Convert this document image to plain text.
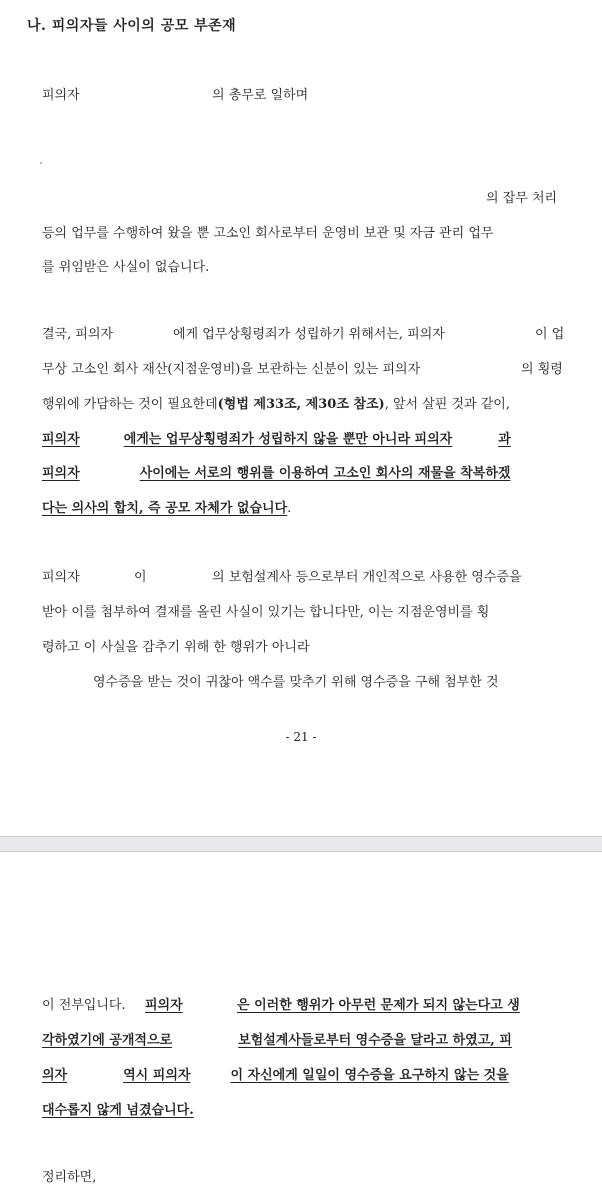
나. 피의자들 사이의 공모 부존재
피의자	의 총무로 일하며
의 잡무 처리
등의 업무를 수행하여 왔을 뿐 고소인 회사로부터 운영비 보관 및 자금 관리 업무
를 위임받은 사실이 없습니다.
결국, 피의자	에게 업무상횡령죄가 성립하기 위해서는, 피의자	이 업
무상 고소인 회사 재산(지점운영비)을 보관하는 신분이 있는 피의자	의 횡령
행위에 가담하는 것이 필요한데(형법 제33조, 제30조 참조), 앞서 살핀 것과 같이,
피의자	에게는 업무상횡령죄가 성립하지 않을 뿐만 아니라 피의자	과
피의자	사이에는 서로의 행위를 이용하여 고소인 회사의 재물을 착복하겠
다는 의사의 합치, 즉 공모 자체가 없습니다.
피의자	이	의 보험설계사 등으로부터 개인적으로 사용한 영수증을
받아 이를 첨부하여 결재를 올린 사실이 있기는 합니다만, 이는 지점운영비를 횡
령하고 이 사실을 감추기 위해 한 행위가 아니라
영수증을 받는 것이 귀찮아 액수를 맞추기 위해 영수증을 구해 첨부한 것
- 21 -
이 전부입니다. 피의자	은 이러한 행위가 아무런 문제가 되지 않는다고 생
각하였기에 공개적으로	보험설계사들로부터 영수증을 달라고 하였고, 피
의자	역시 피의자	이 자신에게 일일이 영수증을 요구하지 않는 것을
대수롭지 않게 넘겼습니다.
정리하면,
